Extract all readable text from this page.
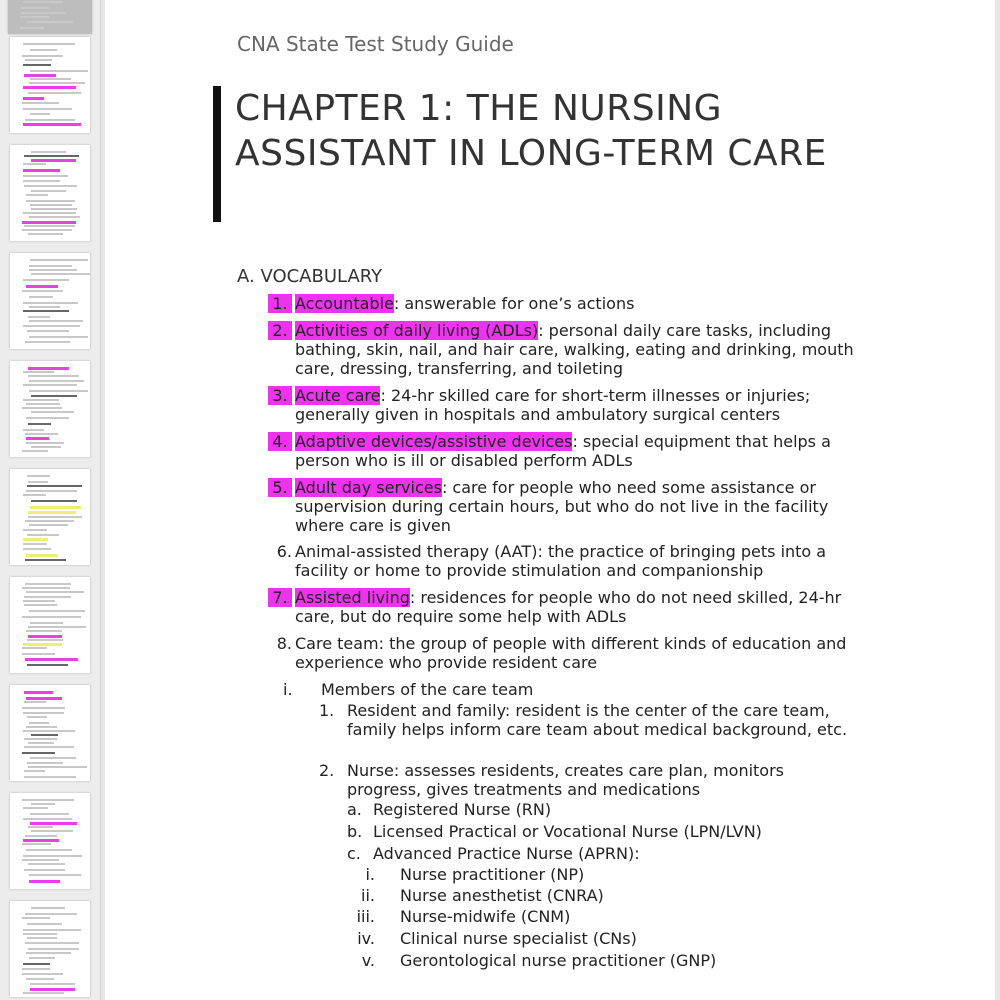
CNA State Test Study Guide
CHAPTER 1: THE NURSING ASSISTANT IN LONG-TERM CARE
A. VOCABULARY
1. Accountable: answerable for one’s actions
2. Activities of daily living (ADLs): personal daily care tasks, including bathing, skin, nail, and hair care, walking, eating and drinking, mouth care, dressing, transferring, and toileting
3. Acute care: 24-hr skilled care for short-term illnesses or injuries; generally given in hospitals and ambulatory surgical centers
4. Adaptive devices/assistive devices: special equipment that helps a person who is ill or disabled perform ADLs
5. Adult day services: care for people who need some assistance or supervision during certain hours, but who do not live in the facility where care is given
6. Animal-assisted therapy (AAT): the practice of bringing pets into a facility or home to provide stimulation and companionship
7. Assisted living: residences for people who do not need skilled, 24-hr care, but do require some help with ADLs
8. Care team: the group of people with different kinds of education and experience who provide resident care
i. Members of the care team
1. Resident and family: resident is the center of the care team, family helps inform care team about medical background, etc.
2. Nurse: assesses residents, creates care plan, monitors progress, gives treatments and medications
a. Registered Nurse (RN)
b. Licensed Practical or Vocational Nurse (LPN/LVN)
c. Advanced Practice Nurse (APRN):
i. Nurse practitioner (NP)
ii. Nurse anesthetist (CNRA)
iii. Nurse-midwife (CNM)
iv. Clinical nurse specialist (CNs)
v. Gerontological nurse practitioner (GNP)
